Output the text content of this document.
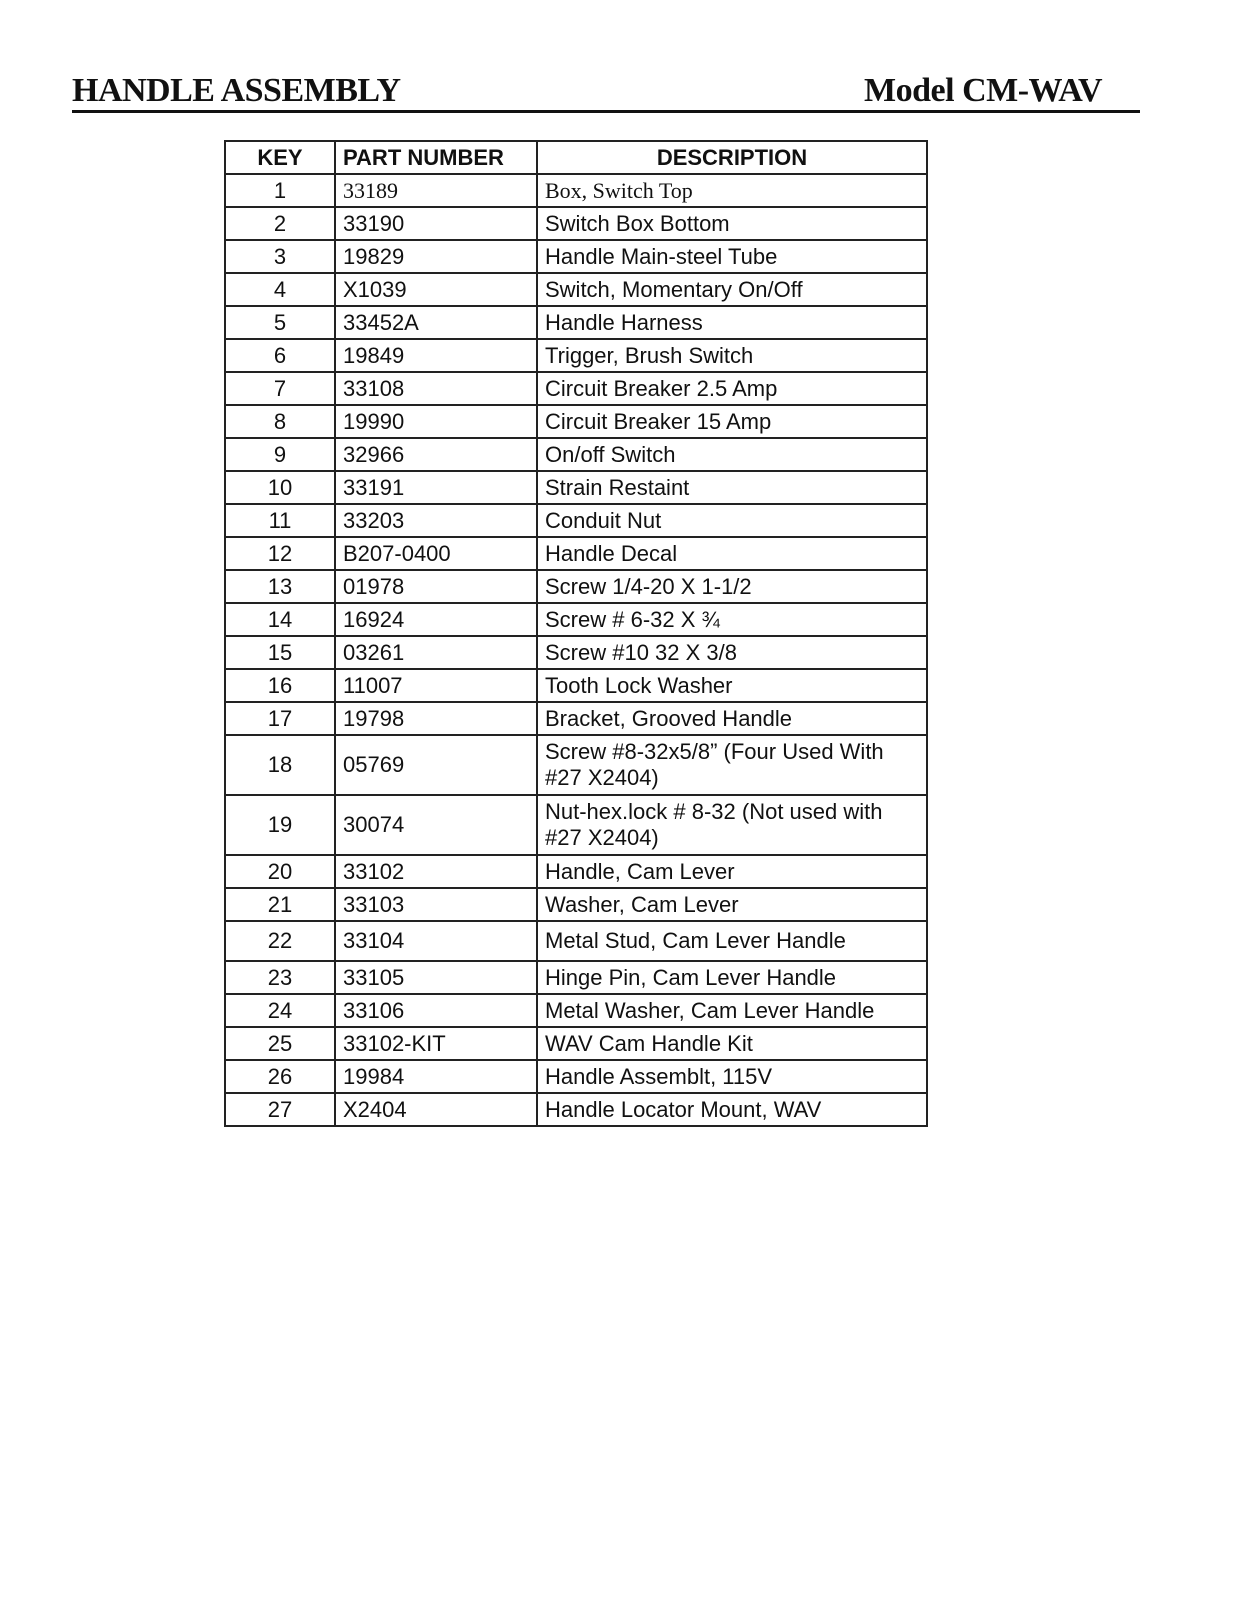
HANDLE ASSEMBLY	Model CM-WAV
KEY	PART NUMBER	DESCRIPTION
1	33189	Box, Switch Top
2	33190	Switch Box Bottom
3	19829	Handle Main-steel Tube
4	X1039	Switch, Momentary On/Off
5	33452A	Handle Harness
6	19849	Trigger, Brush Switch
7	33108	Circuit Breaker 2.5 Amp
8	19990	Circuit Breaker 15 Amp
9	32966	On/off Switch
10	33191	Strain Restaint
11	33203	Conduit Nut
12	B207-0400	Handle Decal
13	01978	Screw 1/4-20 X 1-1/2
14	16924	Screw # 6-32 X ¾
15	03261	Screw #10 32 X 3/8
16	11007	Tooth Lock Washer
17	19798	Bracket, Grooved Handle
18	05769	Screw #8-32x5/8” (Four Used With #27 X2404)
19	30074	Nut-hex.lock # 8-32 (Not used with #27 X2404)
20	33102	Handle, Cam Lever
21	33103	Washer, Cam Lever
22	33104	Metal Stud, Cam Lever Handle
23	33105	Hinge Pin, Cam Lever Handle
24	33106	Metal Washer, Cam Lever Handle
25	33102-KIT	WAV Cam Handle Kit
26	19984	Handle Assemblt, 115V
27	X2404	Handle Locator Mount, WAV
